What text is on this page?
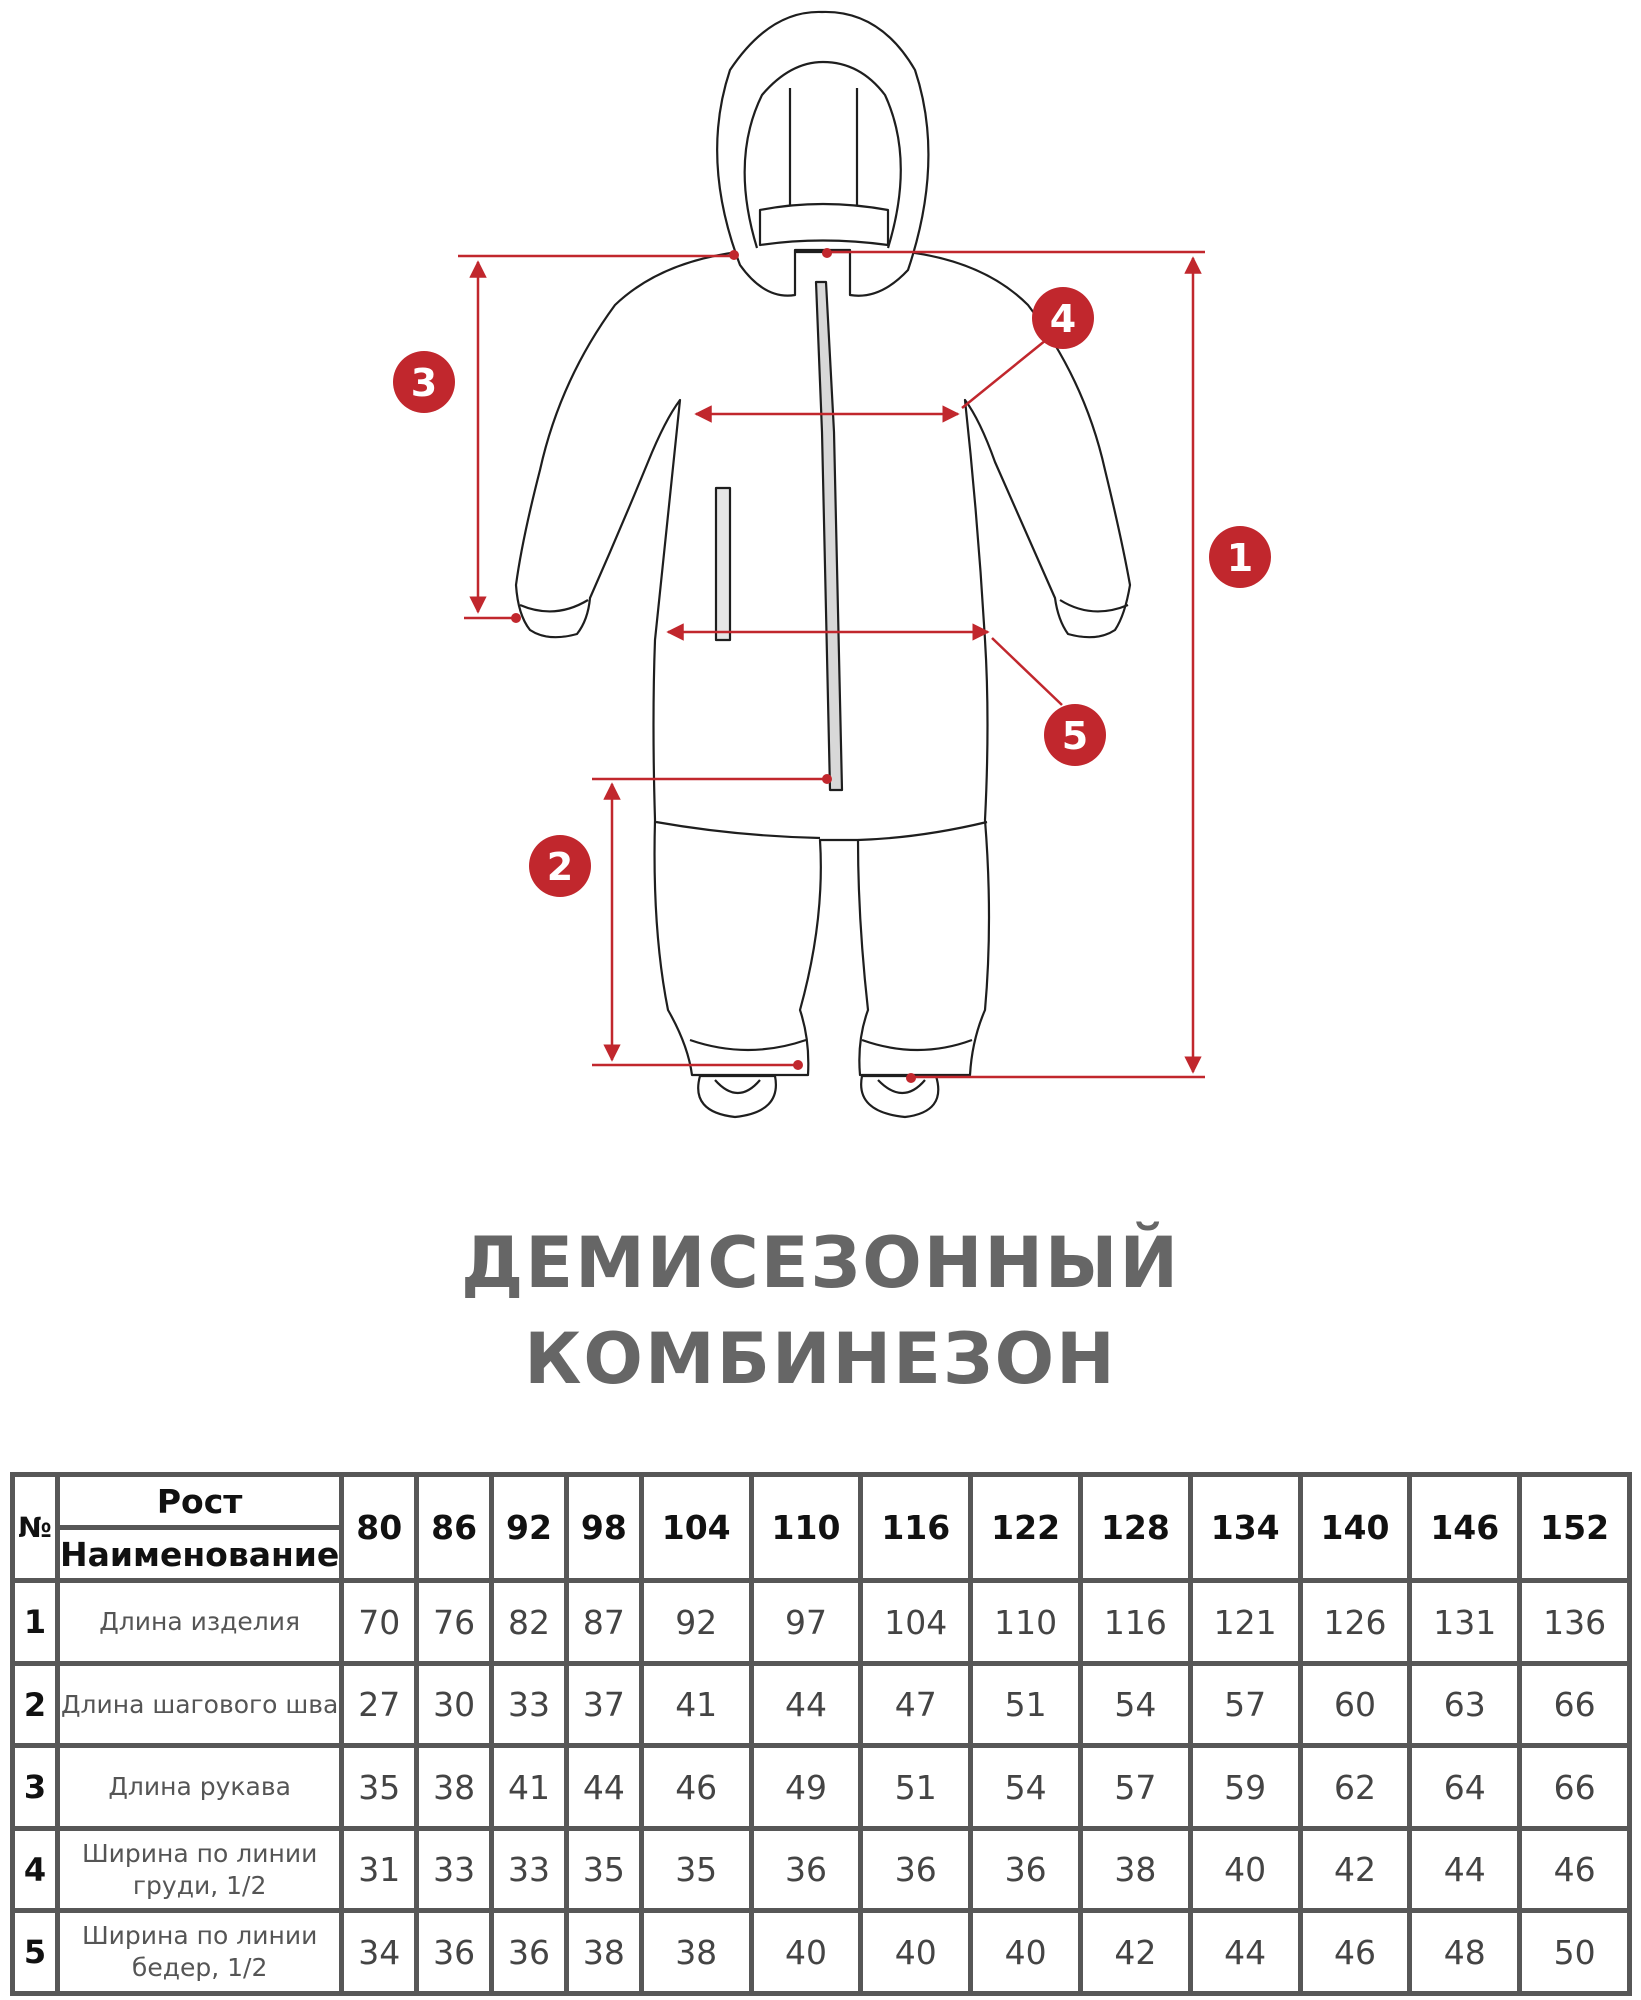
1
2
3
4
5
ДЕМИСЕЗОННЫЙ
КОМБИНЕЗОН
№	Рост	80	86	92	98	104	110	116	122	128	134	140	146	152
	Наименование													
1	Длина изделия	70	76	82	87	92	97	104	110	116	121	126	131	136
2	Длина шагового шва	27	30	33	37	41	44	47	51	54	57	60	63	66
3	Длина рукава	35	38	41	44	46	49	51	54	57	59	62	64	66
4	Ширина по линии
груди, 1/2	31	33	33	35	35	36	36	36	38	40	42	44	46
5	Ширина по линии
бедер, 1/2	34	36	36	38	38	40	40	40	42	44	46	48	50
